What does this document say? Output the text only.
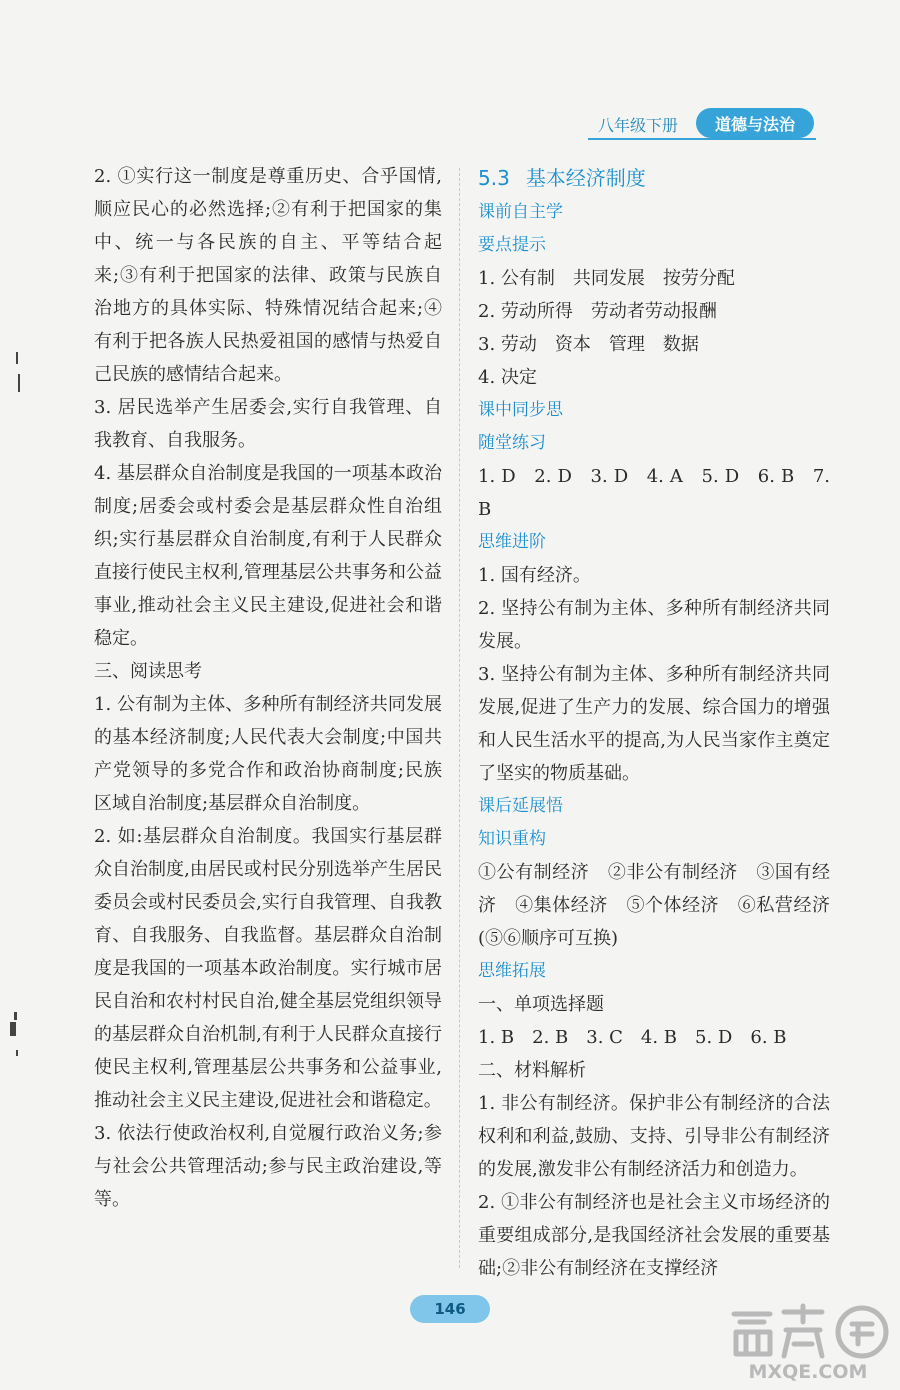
八年级下册	道德与法治

2. ①实行这一制度是尊重历史、合乎国情,顺应民心的必然选择;②有利于把国家的集中、统一与各民族的自主、平等结合起来;③有利于把国家的法律、政策与民族自治地方的具体实际、特殊情况结合起来;④有利于把各族人民热爱祖国的感情与热爱自己民族的感情结合起来。

3. 居民选举产生居委会,实行自我管理、自我教育、自我服务。

4. 基层群众自治制度是我国的一项基本政治制度;居委会或村委会是基层群众性自治组织;实行基层群众自治制度,有利于人民群众直接行使民主权利,管理基层公共事务和公益事业,推动社会主义民主建设,促进社会和谐稳定。

三、阅读思考

1. 公有制为主体、多种所有制经济共同发展的基本经济制度;人民代表大会制度;中国共产党领导的多党合作和政治协商制度;民族区域自治制度;基层群众自治制度。

2. 如:基层群众自治制度。我国实行基层群众自治制度,由居民或村民分别选举产生居民委员会或村民委员会,实行自我管理、自我教育、自我服务、自我监督。基层群众自治制度是我国的一项基本政治制度。实行城市居民自治和农村村民自治,健全基层党组织领导的基层群众自治机制,有利于人民群众直接行使民主权利,管理基层公共事务和公益事业,推动社会主义民主建设,促进社会和谐稳定。

3. 依法行使政治权利,自觉履行政治义务;参与社会公共管理活动;参与民主政治建设,等等。

5.3 基本经济制度

课前自主学

要点提示

1. 公有制　共同发展　按劳分配

2. 劳动所得　劳动者劳动报酬

3. 劳动　资本　管理　数据

4. 决定

课中同步思

随堂练习

1. D　2. D　3. D　4. A　5. D　6. B　7. B

思维进阶

1. 国有经济。

2. 坚持公有制为主体、多种所有制经济共同发展。

3. 坚持公有制为主体、多种所有制经济共同发展,促进了生产力的发展、综合国力的增强和人民生活水平的提高,为人民当家作主奠定了坚实的物质基础。

课后延展悟

知识重构

①公有制经济　②非公有制经济　③国有经济　④集体经济　⑤个体经济　⑥私营经济(⑤⑥顺序可互换)

思维拓展

一、单项选择题

1. B　2. B　3. C　4. B　5. D　6. B

二、材料解析

1. 非公有制经济。保护非公有制经济的合法权利和利益,鼓励、支持、引导非公有制经济的发展,激发非公有制经济活力和创造力。

2. ①非公有制经济也是社会主义市场经济的重要组成部分,是我国经济社会发展的重要基础;②非公有制经济在支撑经济

146
MXQE.COM
